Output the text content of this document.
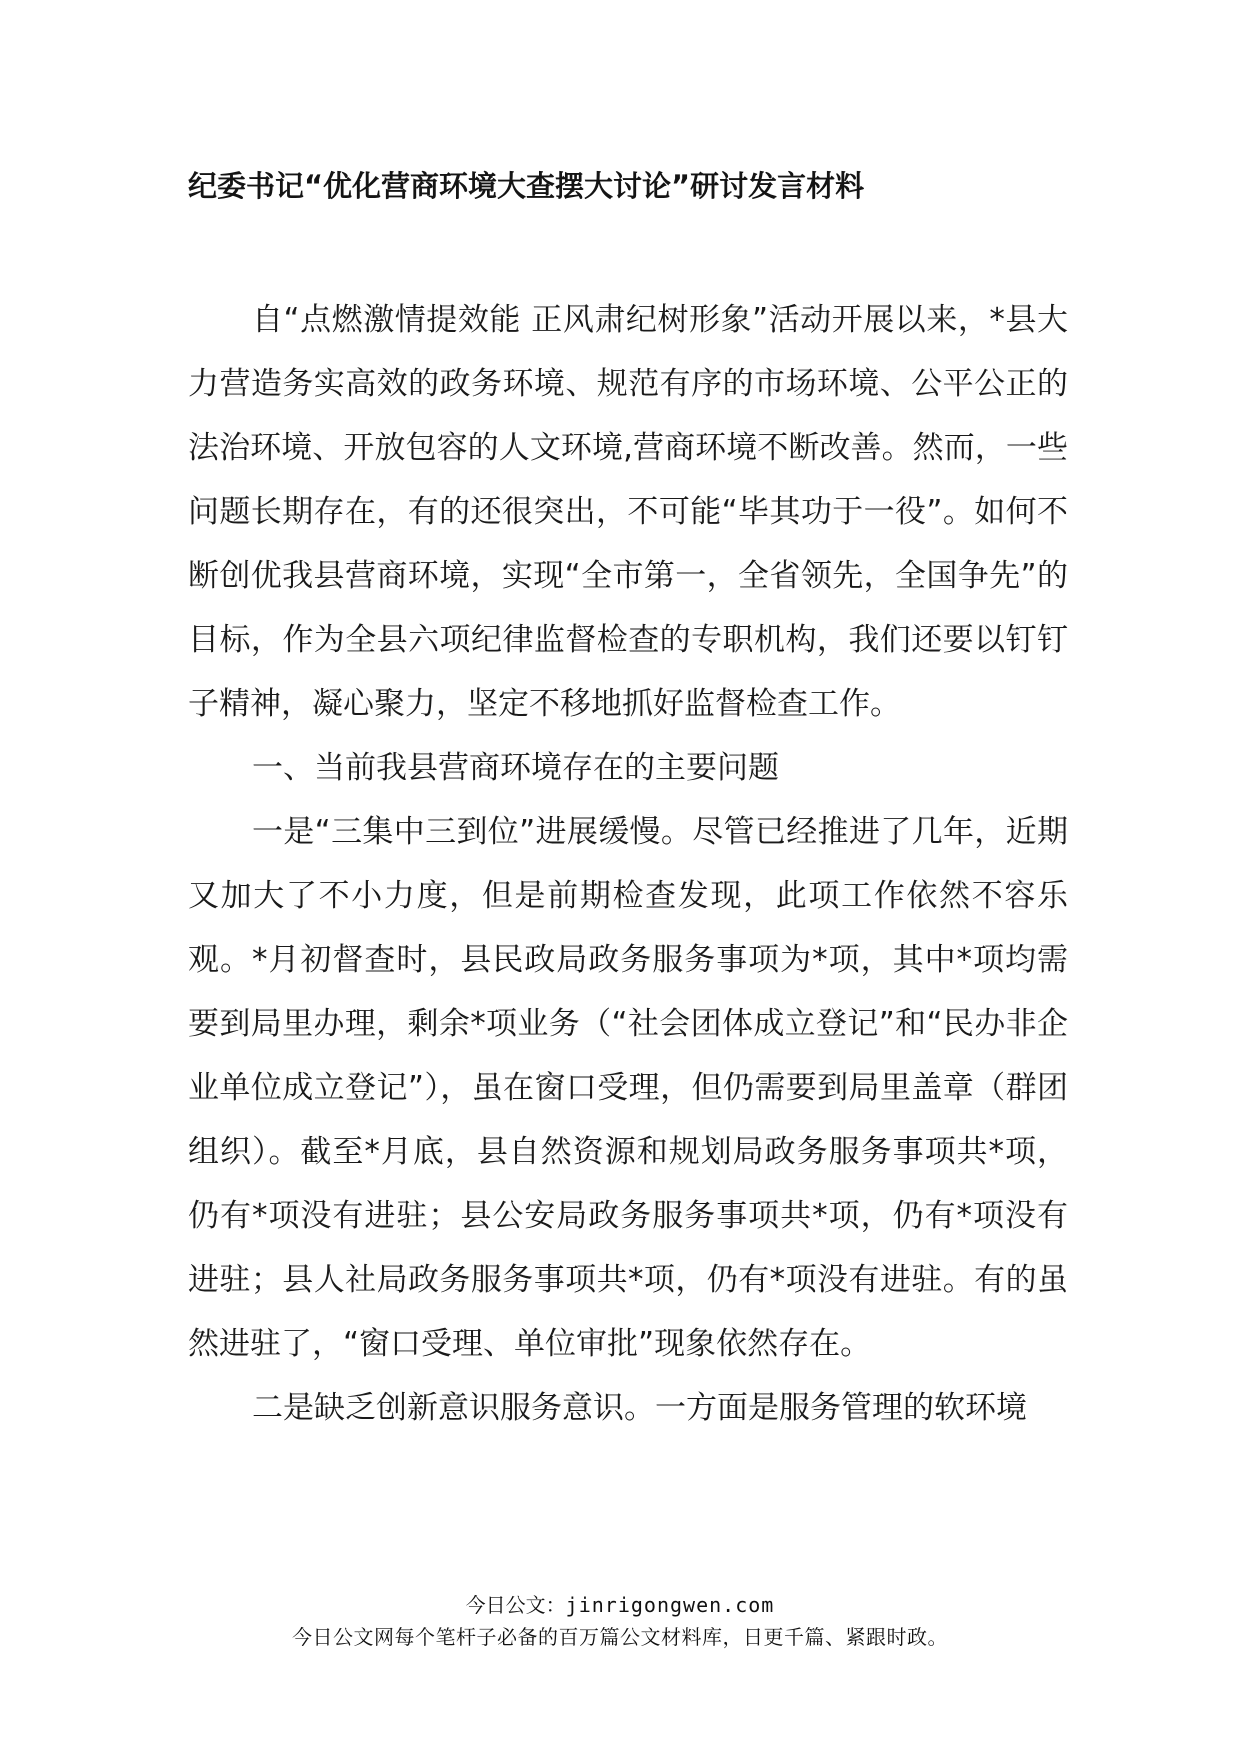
纪委书记“优化营商环境大查摆大讨论”研讨发言材料

自“点燃激情提效能 正风肃纪树形象”活动开展以来，*县大力营造务实高效的政务环境、规范有序的市场环境、公平公正的法治环境、开放包容的人文环境,营商环境不断改善。然而，一些问题长期存在，有的还很突出，不可能“毕其功于一役”。如何不断创优我县营商环境，实现“全市第一，全省领先，全国争先”的目标，作为全县六项纪律监督检查的专职机构，我们还要以钉钉子精神，凝心聚力，坚定不移地抓好监督检查工作。

一、当前我县营商环境存在的主要问题

一是“三集中三到位”进展缓慢。尽管已经推进了几年，近期又加大了不小力度，但是前期检查发现，此项工作依然不容乐观。*月初督查时，县民政局政务服务事项为*项，其中*项均需要到局里办理，剩余*项业务（“社会团体成立登记”和“民办非企业单位成立登记”），虽在窗口受理，但仍需要到局里盖章（群团组织）。截至*月底，县自然资源和规划局政务服务事项共*项，仍有*项没有进驻；县公安局政务服务事项共*项，仍有*项没有进驻；县人社局政务服务事项共*项，仍有*项没有进驻。有的虽然进驻了，“窗口受理、单位审批”现象依然存在。

二是缺乏创新意识服务意识。一方面是服务管理的软环境

今日公文：jinrigongwen.com
今日公文网每个笔杆子必备的百万篇公文材料库，日更千篇、紧跟时政。
